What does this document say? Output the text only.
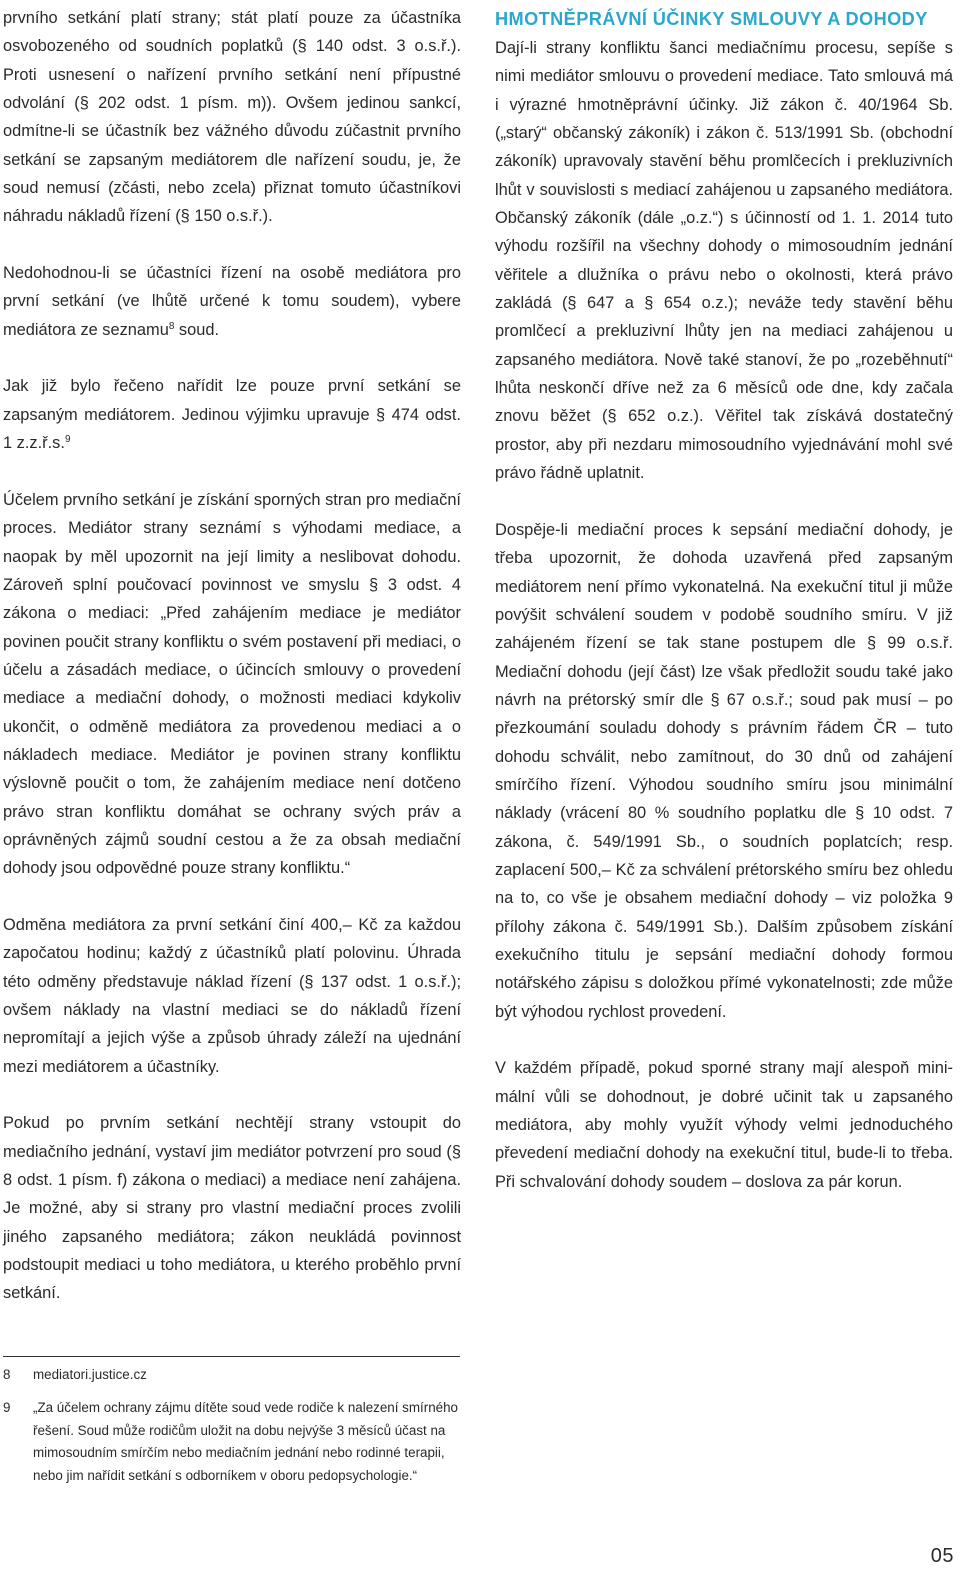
prvního setkání platí strany; stát platí pouze za účastníka osvobozeného od soudních poplatků (§ 140 odst. 3 o.s.ř.). Proti usnesení o nařízení prvního setkání není přípustné odvolání (§ 202 odst. 1 písm. m)). Ovšem jedinou sankcí, odmítne-li se účastník bez vážného důvodu zúčastnit prvního setkání se zapsaným mediátorem dle nařízení soudu, je, že soud nemusí (zčásti, nebo zcela) přiznat tomuto účastníkovi náhradu nákladů řízení (§ 150 o.s.ř.).

Nedohodnou-li se účastníci řízení na osobě mediátora pro první setkání (ve lhůtě určené k tomu soudem), vybere mediátora ze seznamu$^8$ soud.

Jak již bylo řečeno nařídit lze pouze první setkání se zapsaným mediátorem. Jedinou výjimku upravuje § 474 odst. 1 z.z.ř.s.$^9$

Účelem prvního setkání je získání sporných stran pro mediační proces. Mediátor strany seznámí s výhodami mediace, a naopak by měl upozornit na její limity a neslibovat dohodu. Zároveň splní poučovací povinnost ve smyslu § 3 odst. 4 zákona o mediaci: „Před zahájením mediace je mediátor povinen poučit strany konfliktu o svém postavení při mediaci, o účelu a zásadách mediace, o účincích smlouvy o provedení mediace a mediační dohody, o možnosti mediaci kdykoliv ukončit, o odměně mediátora za provedenou mediaci a o nákladech mediace. Mediátor je povinen strany konfliktu výslovně poučit o tom, že zahájením mediace není dotčeno právo stran konfliktu domáhat se ochrany svých práv a oprávněných zájmů soudní cestou a že za obsah mediační dohody jsou odpovědné pouze strany konfliktu.“

Odměna mediátora za první setkání činí 400,– Kč za každou započatou hodinu; každý z účastníků platí polovinu. Úhrada této odměny představuje náklad řízení (§ 137 odst. 1 o.s.ř.); ovšem náklady na vlastní mediaci se do nákladů řízení nepromítají a jejich výše a způsob úhrady záleží na ujednání mezi mediátorem a účastníky.

Pokud po prvním setkání nechtějí strany vstoupit do mediačního jednání, vystaví jim mediátor potvrzení pro soud (§ 8 odst. 1 písm. f) zákona o mediaci) a mediace není zahájena. Je možné, aby si strany pro vlastní mediační proces zvolili jiného zapsaného mediátora; zákon neukládá povinnost podstoupit mediaci u toho mediátora, u kterého proběhlo první setkání.

HMOTNĚPRÁVNÍ ÚČINKY SMLOUVY A DOHODY

Dají-li strany konfliktu šanci mediačnímu procesu, sepíše s nimi mediátor smlouvu o provedení mediace. Tato smlouvá má i výrazné hmotněprávní účinky. Již zákon č. 40/1964 Sb. („starý“ občanský zákoník) i zákon č. 513/1991 Sb. (obchodní zákoník) upravovaly stavění běhu promlčecích i prekluzivních lhůt v souvislosti s mediací zahájenou u zapsaného mediátora. Občanský zákoník (dále „o.z.“) s účinností od 1. 1. 2014 tuto výhodu rozšířil na všechny dohody o mimosoudním jednání věřitele a dlužníka o právu nebo o okolnosti, která právo zakládá (§ 647 a § 654 o.z.); neváže tedy stavění běhu promlčecí a prekluzivní lhůty jen na mediaci zahájenou u zapsaného mediátora. Nově také stanoví, že po „rozeběhnutí“ lhůta neskončí dříve než za 6 měsíců ode dne, kdy začala znovu běžet (§ 652 o.z.). Věřitel tak získává dostatečný prostor, aby při nezdaru mimosoudního vyjednávání mohl své právo řádně uplatnit.

Dospěje-li mediační proces k sepsání mediační dohody, je třeba upozornit, že dohoda uzavřená před zapsaným mediátorem není přímo vykonatelná. Na exekuční titul ji může povýšit schválení soudem v podobě soudního smíru. V již zahájeném řízení se tak stane postupem dle § 99 o.s.ř. Mediační dohodu (její část) lze však předložit soudu také jako návrh na prétorský smír dle § 67 o.s.ř.; soud pak musí – po přezkoumání souladu dohody s právním řádem ČR – tuto dohodu schválit, nebo zamítnout, do 30 dnů od zahájení smírčího řízení. Výhodou soudního smíru jsou minimální náklady (vrácení 80 % soudního poplatku dle § 10 odst. 7 zákona, č. 549/1991 Sb., o soudních poplatcích; resp. zaplacení 500,– Kč za schválení prétorského smíru bez ohledu na to, co vše je obsahem mediační dohody – viz položka 9 přílohy zákona č. 549/1991 Sb.). Dalším způsobem získání exekučního titulu je sepsání mediační dohody formou notářského zápisu s doložkou přímé vykonatelnosti; zde může být výhodou rychlost provedení.

V každém případě, pokud sporné strany mají alespoň minimální vůli se dohodnout, je dobré učinit tak u zapsaného mediátora, aby mohly využít výhody velmi jednoduchého převedení mediační dohody na exekuční titul, bude-li to třeba. Při schvalování dohody soudem – doslova za pár korun.

8	mediatori.justice.cz
9	„Za účelem ochrany zájmu dítěte soud vede rodiče k nalezení smírného řešení. Soud může rodičům uložit na dobu nejvýše 3 měsíců účast na mimosoudním smírčím nebo mediačním jednání nebo rodinné terapii, nebo jim nařídit setkání s odborníkem v oboru pedopsychologie.“
05
